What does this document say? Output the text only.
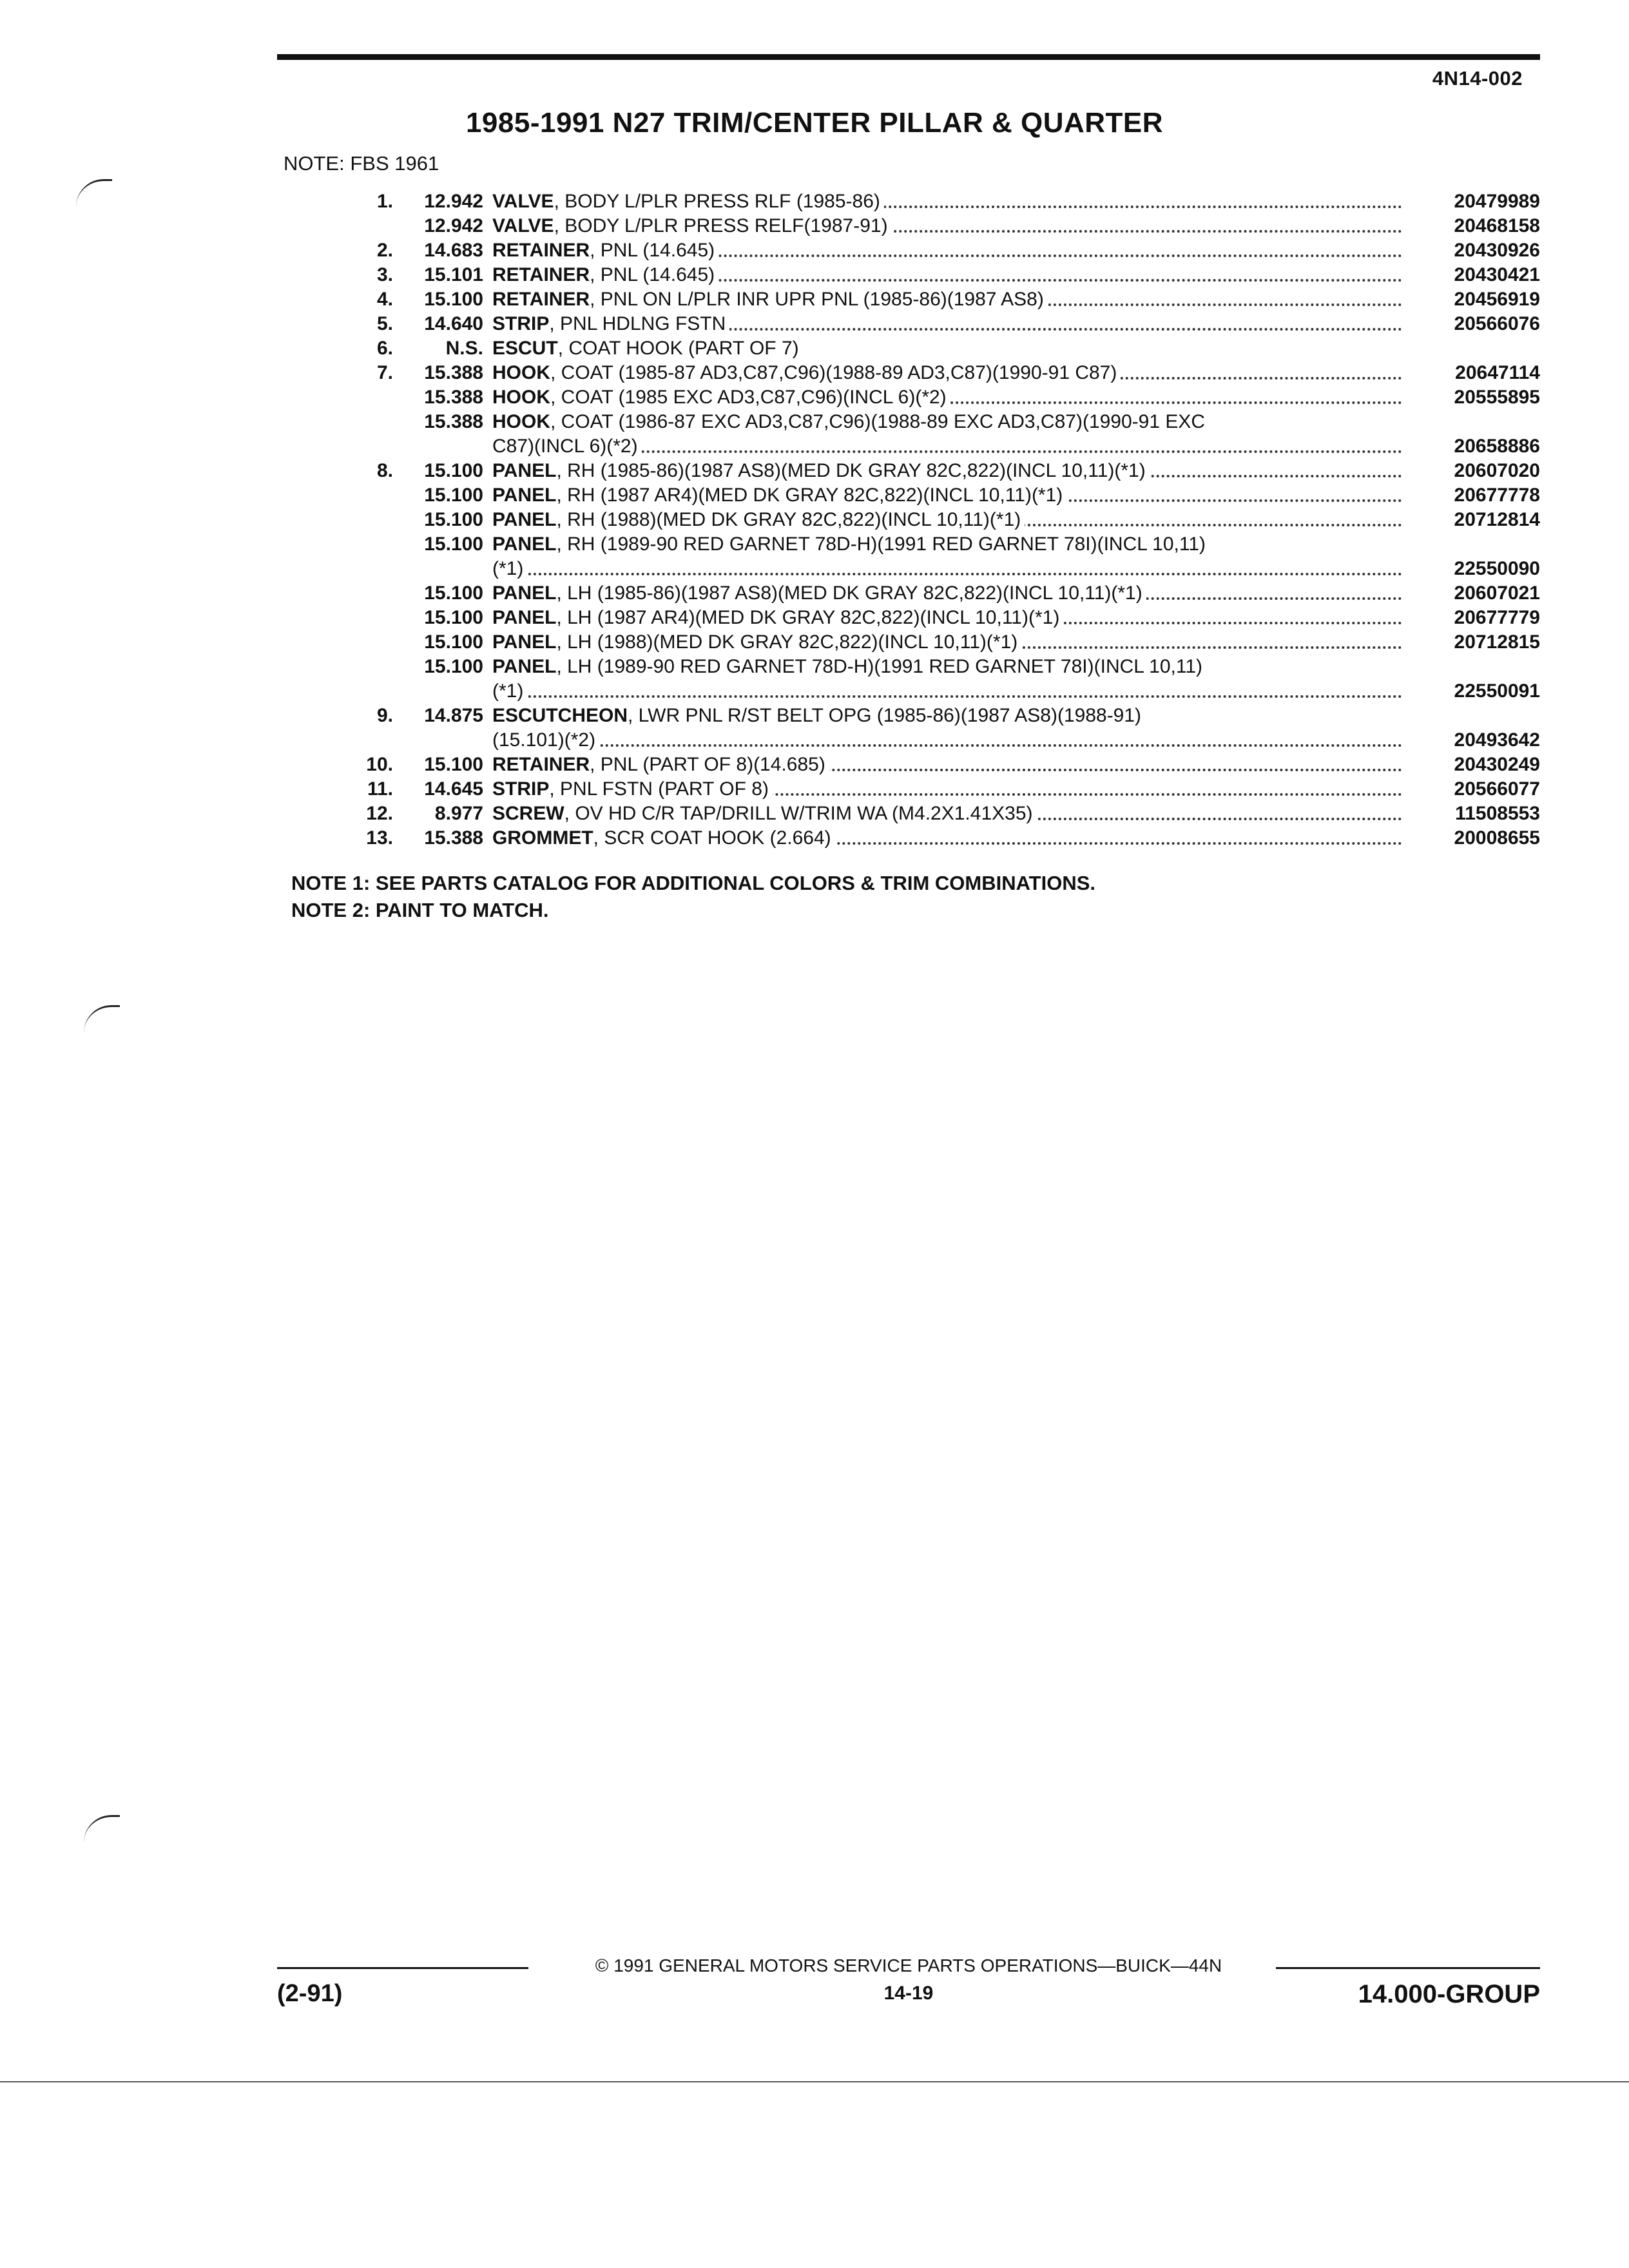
4N14-002
1985-1991 N27 TRIM/CENTER PILLAR & QUARTER
NOTE: FBS 1961
1.	12.942 VALVE, BODY L/PLR PRESS RLF (1985-86)	20479989
12.942 VALVE, BODY L/PLR PRESS RELF(1987-91)	20468158
2.	14.683 RETAINER, PNL (14.645)	20430926
3.	15.101 RETAINER, PNL (14.645)	20430421
4.	15.100 RETAINER, PNL ON L/PLR INR UPR PNL (1985-86)(1987 AS8)	20456919
5.	14.640 STRIP, PNL HDLNG FSTN	20566076
6.	N.S. ESCUT, COAT HOOK (PART OF 7)
7.	15.388 HOOK, COAT (1985-87 AD3,C87,C96)(1988-89 AD3,C87)(1990-91 C87)	20647114
15.388 HOOK, COAT (1985 EXC AD3,C87,C96)(INCL 6)(*2)	20555895
15.388 HOOK, COAT (1986-87 EXC AD3,C87,C96)(1988-89 EXC AD3,C87)(1990-91 EXC
C87)(INCL 6)(*2)	20658886
8.	15.100 PANEL, RH (1985-86)(1987 AS8)(MED DK GRAY 82C,822)(INCL 10,11)(*1)	20607020
15.100 PANEL, RH (1987 AR4)(MED DK GRAY 82C,822)(INCL 10,11)(*1)	20677778
15.100 PANEL, RH (1988)(MED DK GRAY 82C,822)(INCL 10,11)(*1)	20712814
15.100 PANEL, RH (1989-90 RED GARNET 78D-H)(1991 RED GARNET 78I)(INCL 10,11)
(*1)	22550090
15.100 PANEL, LH (1985-86)(1987 AS8)(MED DK GRAY 82C,822)(INCL 10,11)(*1)	20607021
15.100 PANEL, LH (1987 AR4)(MED DK GRAY 82C,822)(INCL 10,11)(*1)	20677779
15.100 PANEL, LH (1988)(MED DK GRAY 82C,822)(INCL 10,11)(*1)	20712815
15.100 PANEL, LH (1989-90 RED GARNET 78D-H)(1991 RED GARNET 78I)(INCL 10,11)
(*1)	22550091
9.	14.875 ESCUTCHEON, LWR PNL R/ST BELT OPG (1985-86)(1987 AS8)(1988-91)
(15.101)(*2)	20493642
10.	15.100 RETAINER, PNL (PART OF 8)(14.685)	20430249
11.	14.645 STRIP, PNL FSTN (PART OF 8)	20566077
12.	8.977 SCREW, OV HD C/R TAP/DRILL W/TRIM WA (M4.2X1.41X35)	11508553
13.	15.388 GROMMET, SCR COAT HOOK (2.664)	20008655
NOTE 1: SEE PARTS CATALOG FOR ADDITIONAL COLORS & TRIM COMBINATIONS.
NOTE 2: PAINT TO MATCH.
© 1991 GENERAL MOTORS SERVICE PARTS OPERATIONS—BUICK—44N
(2-91)	14-19	14.000-GROUP
